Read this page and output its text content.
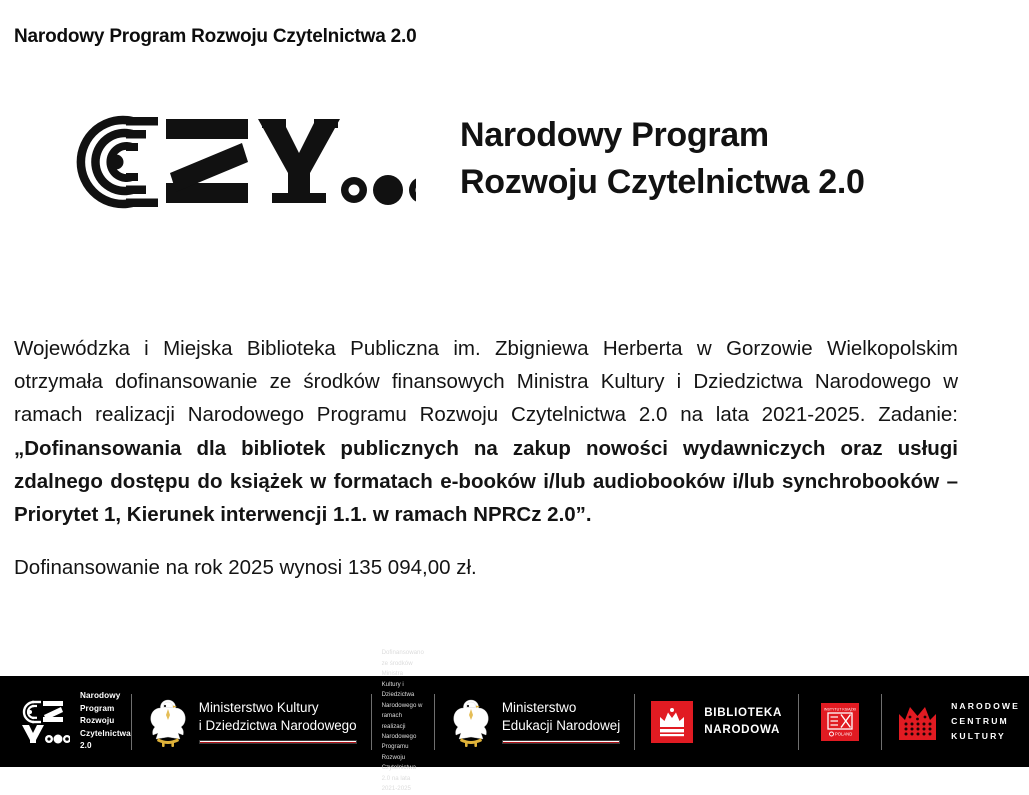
Narodowy Program Rozwoju Czytelnictwa 2.0
Narodowy Program
Rozwoju Czytelnictwa 2.0

Wojewódzka i Miejska Biblioteka Publiczna im. Zbigniewa Herberta w Gorzowie Wielkopolskim otrzymała dofinansowanie ze środków finansowych Ministra Kultury i Dziedzictwa Narodowego w ramach realizacji Narodowego Programu Rozwoju Czytelnictwa 2.0 na lata 2021-2025. Zadanie: „Dofinansowania dla bibliotek publicznych na zakup nowości wydawniczych oraz usługi zdalnego dostępu do książek w formatach e-booków i/lub audiobooków i/lub synchrobooków – Priorytet 1, Kierunek interwencji 1.1. w ramach NPRCz 2.0”.

Dofinansowanie na rok 2025 wynosi 135 094,00 zł.

Narodowy
Program
Rozwoju
Czytelnictwa
2.0
Ministerstwo Kultury
i Dziedzictwa Narodowego
Dofinansowano ze środków Ministra Kultury i Dziedzictwa Narodowego w ramach realizacji Narodowego Programu Rozwoju Czytelnictwa 2.0 na lata 2021-2025
Ministerstwo
Edukacji Narodowej
BIBLIOTEKA
NARODOWA
INSTYTUT KSIĄŻKI
POLAND
NARODOWE
CENTRUM
KULTURY
